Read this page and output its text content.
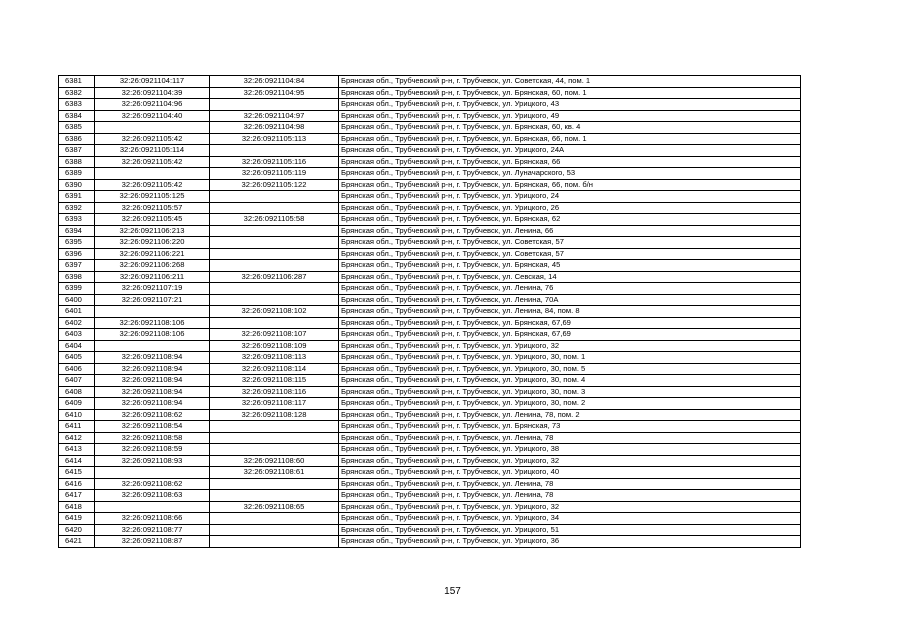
6381	32:26:0921104:117	32:26:0921104:84	Брянская обл., Трубчевский р-н, г. Трубчевск, ул. Советская, 44, пом. 1
6382	32:26:0921104:39	32:26:0921104:95	Брянская обл., Трубчевский р-н, г. Трубчевск, ул. Брянская, 60, пом. 1
6383	32:26:0921104:96		Брянская обл., Трубчевский р-н, г. Трубчевск, ул. Урицкого, 43
6384	32:26:0921104:40	32:26:0921104:97	Брянская обл., Трубчевский р-н, г. Трубчевск, ул. Урицкого, 49
6385		32:26:0921104:98	Брянская обл., Трубчевский р-н, г. Трубчевск, ул. Брянская, 60, кв. 4
6386	32:26:0921105:42	32:26:0921105:113	Брянская обл., Трубчевский р-н, г. Трубчевск, ул. Брянская, 66, пом. 1
6387	32:26:0921105:114		Брянская обл., Трубчевский р-н, г. Трубчевск, ул. Урицкого, 24А
6388	32:26:0921105:42	32:26:0921105:116	Брянская обл., Трубчевский р-н, г. Трубчевск, ул. Брянская, 66
6389		32:26:0921105:119	Брянская обл., Трубчевский р-н, г. Трубчевск, ул. Луначарского, 53
6390	32:26:0921105:42	32:26:0921105:122	Брянская обл., Трубчевский р-н, г. Трубчевск, ул. Брянская, 66, пом. б/н
6391	32:26:0921105:125		Брянская обл., Трубчевский р-н, г. Трубчевск, ул. Урицкого, 24
6392	32:26:0921105:57		Брянская обл., Трубчевский р-н, г. Трубчевск, ул. Урицкого, 26
6393	32:26:0921105:45	32:26:0921105:58	Брянская обл., Трубчевский р-н, г. Трубчевск, ул. Брянская, 62
6394	32:26:0921106:213		Брянская обл., Трубчевский р-н, г. Трубчевск, ул. Ленина, 66
6395	32:26:0921106:220		Брянская обл., Трубчевский р-н, г. Трубчевск, ул. Советская, 57
6396	32:26:0921106:221		Брянская обл., Трубчевский р-н, г. Трубчевск, ул. Советская, 57
6397	32:26:0921106:268		Брянская обл., Трубчевский р-н, г. Трубчевск, ул. Брянская, 45
6398	32:26:0921106:211	32:26:0921106:287	Брянская обл., Трубчевский р-н, г. Трубчевск, ул. Севская, 14
6399	32:26:0921107:19		Брянская обл., Трубчевский р-н, г. Трубчевск, ул. Ленина, 76
6400	32:26:0921107:21		Брянская обл., Трубчевский р-н, г. Трубчевск, ул. Ленина, 70А
6401		32:26:0921108:102	Брянская обл., Трубчевский р-н, г. Трубчевск, ул. Ленина, 84, пом. 8
6402	32:26:0921108:106		Брянская обл., Трубчевский р-н, г. Трубчевск, ул. Брянская, 67,69
6403	32:26:0921108:106	32:26:0921108:107	Брянская обл., Трубчевский р-н, г. Трубчевск, ул. Брянская, 67,69
6404		32:26:0921108:109	Брянская обл., Трубчевский р-н, г. Трубчевск, ул. Урицкого, 32
6405	32:26:0921108:94	32:26:0921108:113	Брянская обл., Трубчевский р-н, г. Трубчевск, ул. Урицкого, 30, пом. 1
6406	32:26:0921108:94	32:26:0921108:114	Брянская обл., Трубчевский р-н, г. Трубчевск, ул. Урицкого, 30, пом. 5
6407	32:26:0921108:94	32:26:0921108:115	Брянская обл., Трубчевский р-н, г. Трубчевск, ул. Урицкого, 30, пом. 4
6408	32:26:0921108:94	32:26:0921108:116	Брянская обл., Трубчевский р-н, г. Трубчевск, ул. Урицкого, 30, пом. 3
6409	32:26:0921108:94	32:26:0921108:117	Брянская обл., Трубчевский р-н, г. Трубчевск, ул. Урицкого, 30, пом. 2
6410	32:26:0921108:62	32:26:0921108:128	Брянская обл., Трубчевский р-н, г. Трубчевск, ул. Ленина, 78, пом. 2
6411	32:26:0921108:54		Брянская обл., Трубчевский р-н, г. Трубчевск, ул. Брянская, 73
6412	32:26:0921108:58		Брянская обл., Трубчевский р-н, г. Трубчевск, ул. Ленина, 78
6413	32:26:0921108:59		Брянская обл., Трубчевский р-н, г. Трубчевск, ул. Урицкого, 38
6414	32:26:0921108:93	32:26:0921108:60	Брянская обл., Трубчевский р-н, г. Трубчевск, ул. Урицкого, 32
6415		32:26:0921108:61	Брянская обл., Трубчевский р-н, г. Трубчевск, ул. Урицкого, 40
6416	32:26:0921108:62		Брянская обл., Трубчевский р-н, г. Трубчевск, ул. Ленина, 78
6417	32:26:0921108:63		Брянская обл., Трубчевский р-н, г. Трубчевск, ул. Ленина, 78
6418		32:26:0921108:65	Брянская обл., Трубчевский р-н, г. Трубчевск, ул. Урицкого, 32
6419	32:26:0921108:66		Брянская обл., Трубчевский р-н, г. Трубчевск, ул. Урицкого, 34
6420	32:26:0921108:77		Брянская обл., Трубчевский р-н, г. Трубчевск, ул. Урицкого, 51
6421	32:26:0921108:87		Брянская обл., Трубчевский р-н, г. Трубчевск, ул. Урицкого, 36
157
